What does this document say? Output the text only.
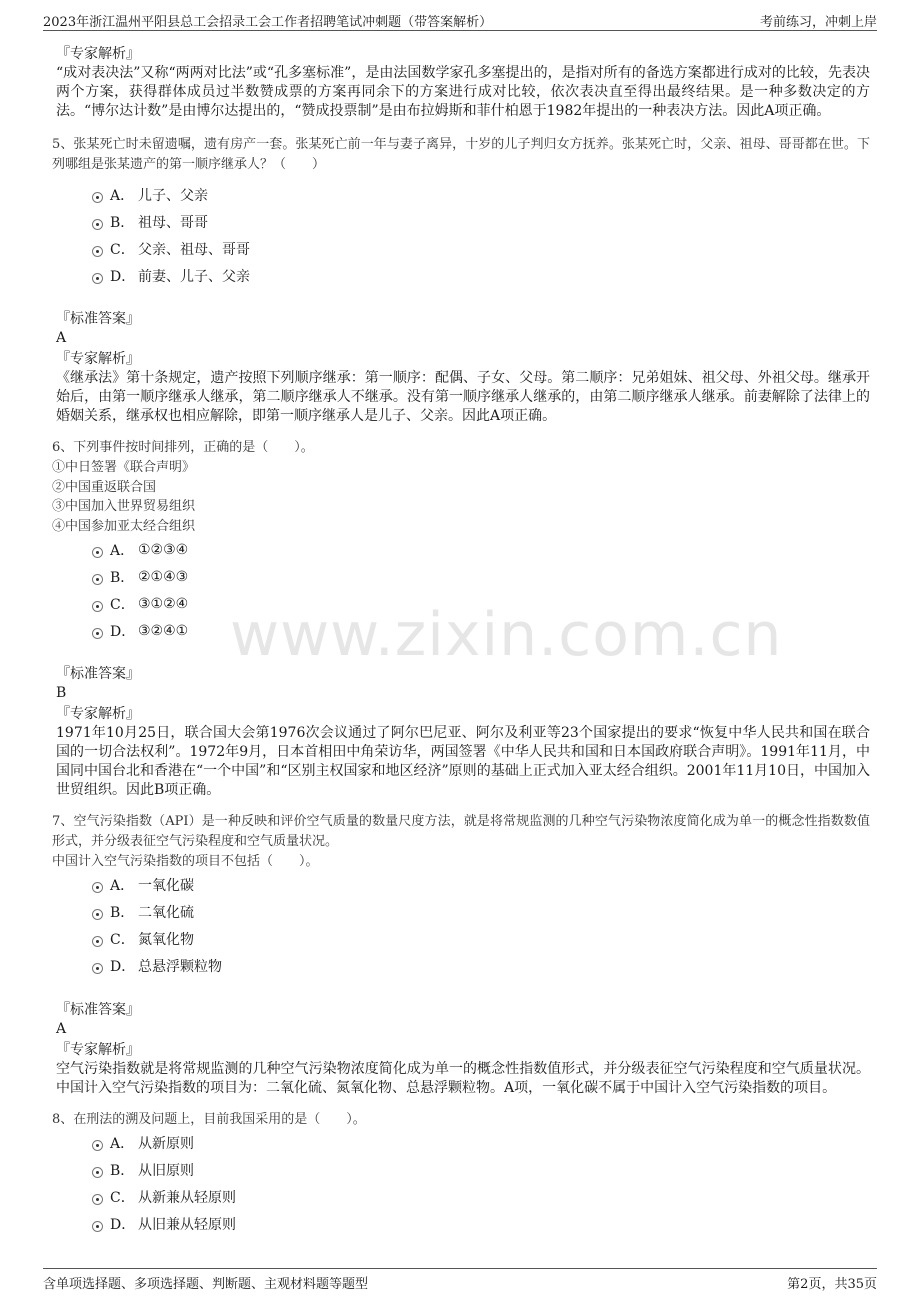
2023年浙江温州平阳县总工会招录工会工作者招聘笔试冲刺题（带答案解析）	考前练习，冲刺上岸
www.zixin.com.cn

『专家解析』

“成对表决法”又称“两两对比法”或“孔多塞标准”，是由法国数学家孔多塞提出的，是指对所有的备选方案都进行成对的比较，先表决两个方案，获得群体成员过半数赞成票的方案再同余下的方案进行成对比较，依次表决直至得出最终结果。是一种多数决定的方法。“博尔达计数”是由博尔达提出的，“赞成投票制”是由布拉姆斯和菲什柏恩于1982年提出的一种表决方法。因此A项正确。

5、张某死亡时未留遗嘱，遗有房产一套。张某死亡前一年与妻子离异，十岁的儿子判归女方抚养。张某死亡时，父亲、祖母、哥哥都在世。下列哪组是张某遗产的第一顺序继承人？（　　）

A． 儿子、父亲
B． 祖母、哥哥
C． 父亲、祖母、哥哥
D． 前妻、儿子、父亲

『标准答案』

A

『专家解析』

《继承法》第十条规定，遗产按照下列顺序继承：第一顺序：配偶、子女、父母。第二顺序：兄弟姐妹、祖父母、外祖父母。继承开始后，由第一顺序继承人继承，第二顺序继承人不继承。没有第一顺序继承人继承的，由第二顺序继承人继承。前妻解除了法律上的婚姻关系，继承权也相应解除，即第一顺序继承人是儿子、父亲。因此A项正确。

6、下列事件按时间排列，正确的是（　　）。

①中日签署《联合声明》

②中国重返联合国

③中国加入世界贸易组织

④中国参加亚太经合组织

A． ①②③④
B． ②①④③
C． ③①②④
D． ③②④①

『标准答案』

B

『专家解析』

1971年10月25日，联合国大会第1976次会议通过了阿尔巴尼亚、阿尔及利亚等23个国家提出的要求“恢复中华人民共和国在联合国的一切合法权利”。1972年9月，日本首相田中角荣访华，两国签署《中华人民共和国和日本国政府联合声明》。1991年11月，中国同中国台北和香港在“一个中国”和“区别主权国家和地区经济”原则的基础上正式加入亚太经合组织。2001年11月10日，中国加入世贸组织。因此B项正确。

7、空气污染指数（API）是一种反映和评价空气质量的数量尺度方法，就是将常规监测的几种空气污染物浓度简化成为单一的概念性指数数值形式，并分级表征空气污染程度和空气质量状况。

中国计入空气污染指数的项目不包括（　　）。

A． 一氧化碳
B． 二氧化硫
C． 氮氧化物
D． 总悬浮颗粒物

『标准答案』

A

『专家解析』

空气污染指数就是将常规监测的几种空气污染物浓度简化成为单一的概念性指数值形式，并分级表征空气污染程度和空气质量状况。中国计入空气污染指数的项目为：二氧化硫、氮氧化物、总悬浮颗粒物。A项，一氧化碳不属于中国计入空气污染指数的项目。

8、在刑法的溯及问题上，目前我国采用的是（　　）。

A． 从新原则
B． 从旧原则
C． 从新兼从轻原则
D． 从旧兼从轻原则
含单项选择题、多项选择题、判断题、主观材料题等题型	第2页，共35页
